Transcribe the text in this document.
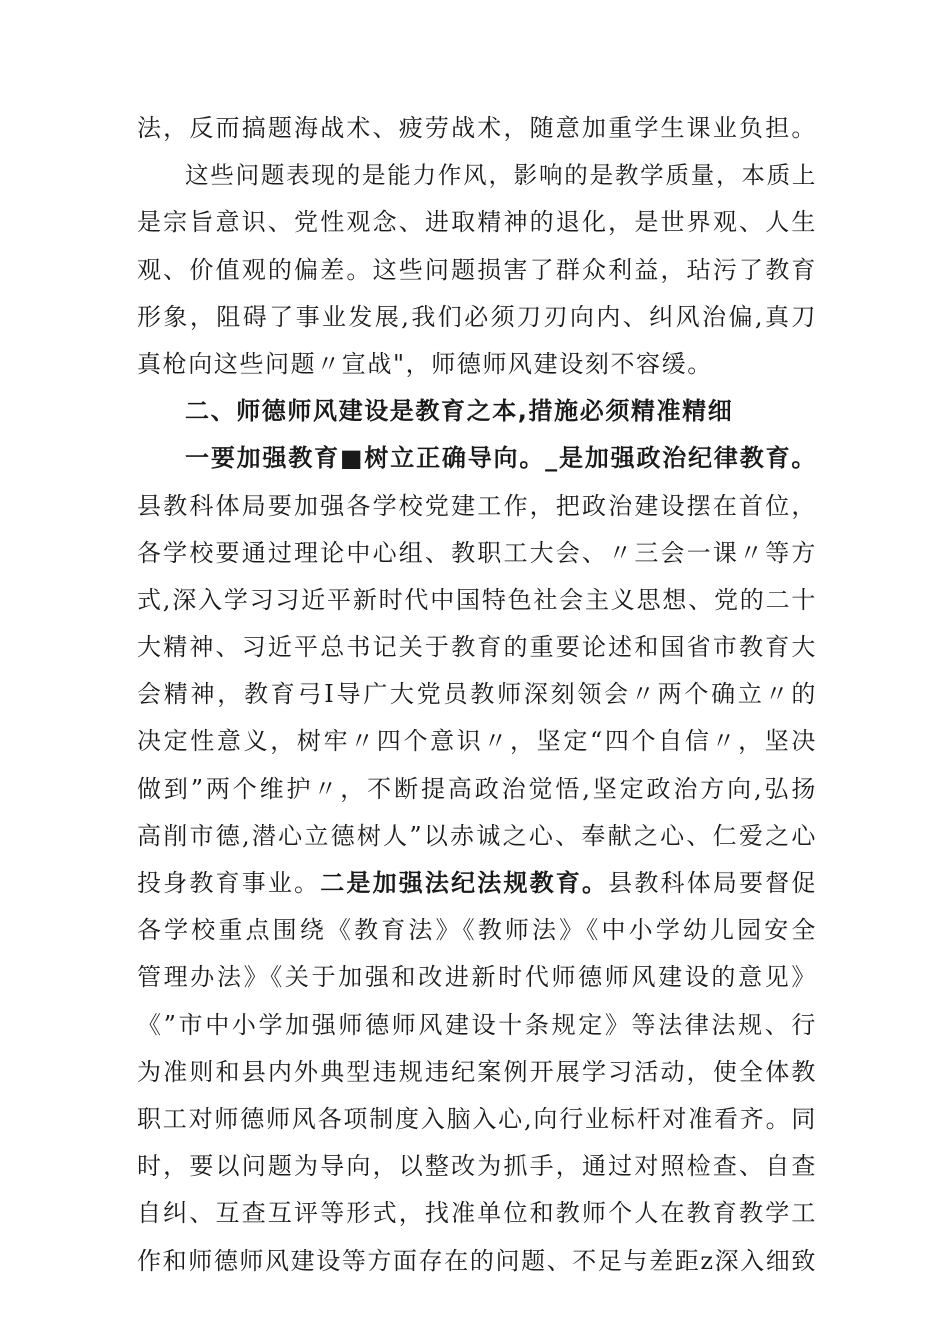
法，反而搞题海战术、疲劳战术，随意加重学生课业负担。
这些问题表现的是能力作风，影响的是教学质量，本质上
是宗旨意识、党性观念、进取精神的退化，是世界观、人生
观、价值观的偏差。这些问题损害了群众利益，玷污了教育
形象，阻碍了事业发展,我们必须刀刃向内、纠风治偏,真刀
真枪向这些问题〃宣战"，师德师风建设刻不容缓。
二、师德师风建设是教育之本,措施必须精准精细
一要加强教育■树立正确导向。_是加强政治纪律教育。
县教科体局要加强各学校党建工作，把政治建设摆在首位，
各学校要通过理论中心组、教职工大会、〃三会一课〃等方
式,深入学习习近平新时代中国特色社会主义思想、党的二十
大精神、习近平总书记关于教育的重要论述和国省市教育大
会精神，教育弓I导广大党员教师深刻领会〃两个确立〃的
决定性意义，树牢〃四个意识〃，坚定“四个自信〃，坚决
做到”两个维护〃，不断提高政治觉悟,坚定政治方向,弘扬
高削市德,潜心立德树人”以赤诚之心、奉献之心、仁爱之心
投身教育事业。二是加强法纪法规教育。县教科体局要督促
各学校重点围绕《教育法》《教师法》《中小学幼儿园安全
管理办法》《关于加强和改进新时代师德师风建设的意见》
《”市中小学加强师德师风建设十条规定》等法律法规、行
为准则和县内外典型违规违纪案例开展学习活动，使全体教
职工对师德师风各项制度入脑入心,向行业标杆对准看齐。同
时，要以问题为导向，以整改为抓手，通过对照检查、自查
自纠、互查互评等形式，找准单位和教师个人在教育教学工
作和师德师风建设等方面存在的问题、不足与差距z深入细致
